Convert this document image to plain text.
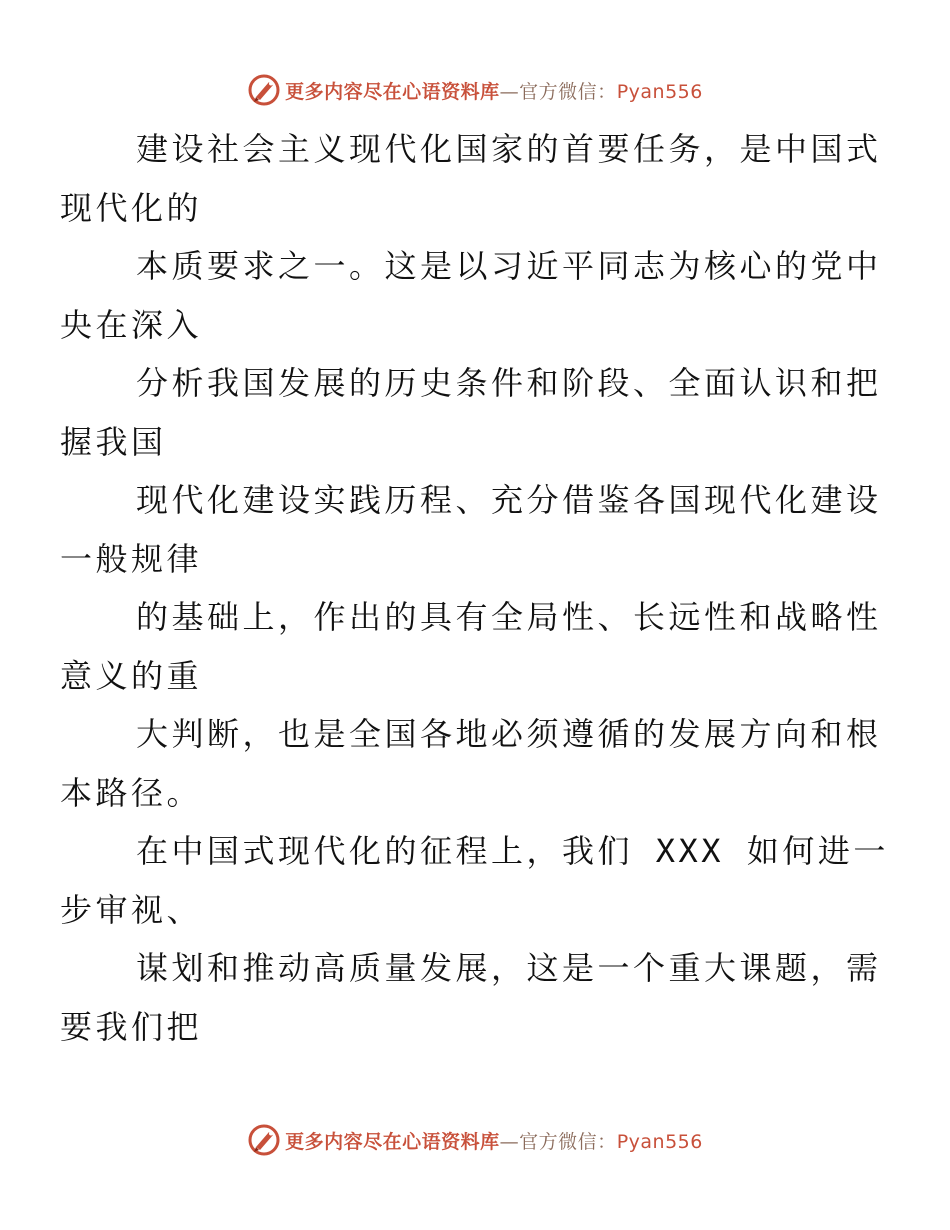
更多内容尽在心语资料库—官方微信：Pyan556

建设社会主义现代化国家的首要任务，是中国式
现代化的

本质要求之一。这是以习近平同志为核心的党中
央在深入

分析我国发展的历史条件和阶段、全面认识和把
握我国

现代化建设实践历程、充分借鉴各国现代化建设
一般规律

的基础上，作出的具有全局性、长远性和战略性
意义的重

大判断，也是全国各地必须遵循的发展方向和根
本路径。

在中国式现代化的征程上，我们 XXX 如何进一
步审视、

谋划和推动高质量发展，这是一个重大课题，需
要我们把

更多内容尽在心语资料库—官方微信：Pyan556
